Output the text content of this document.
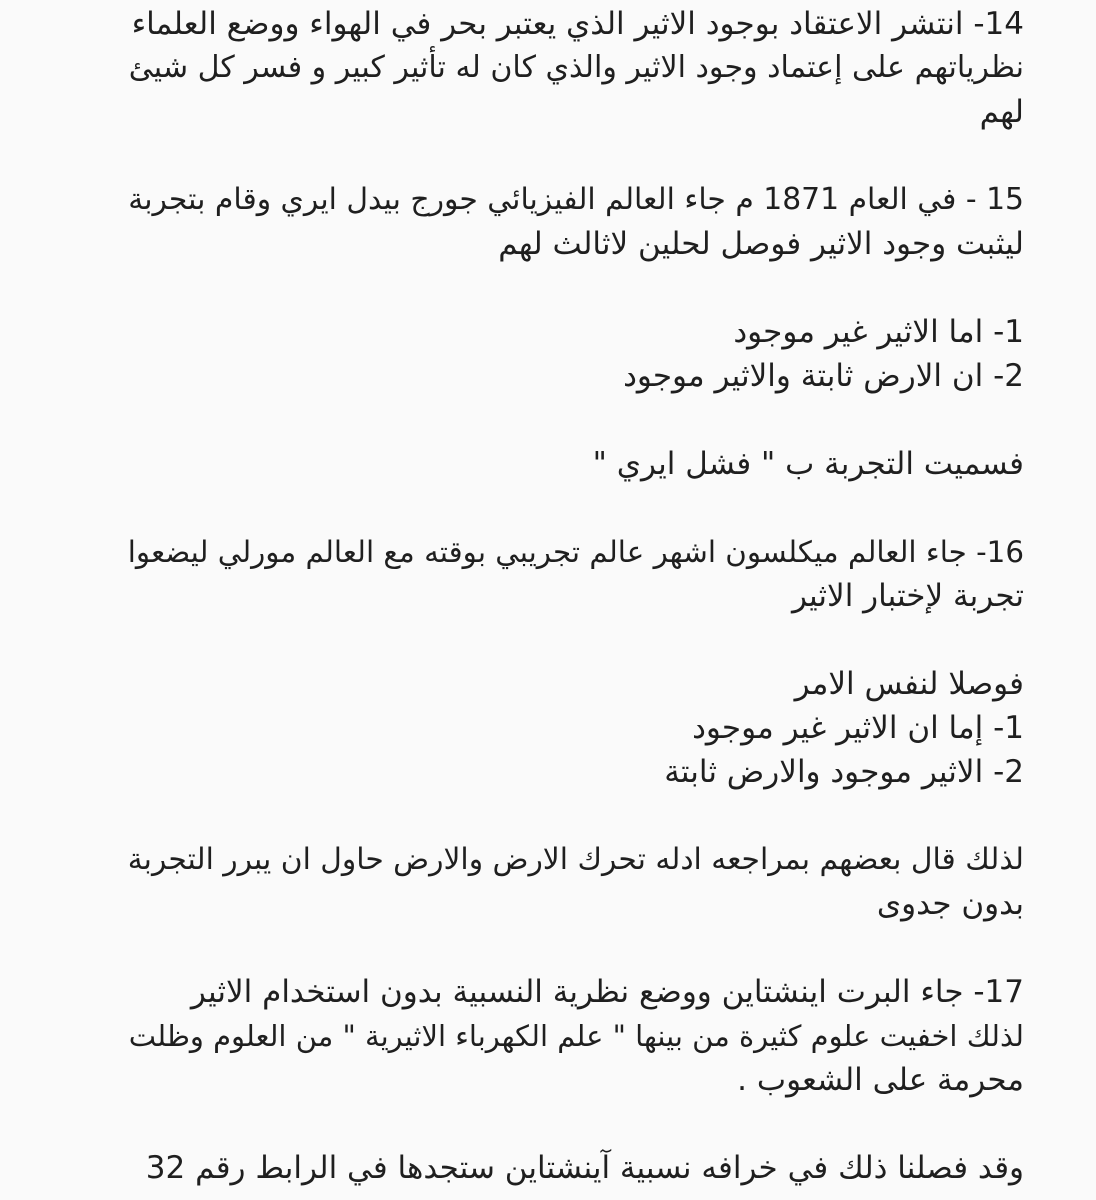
14- انتشر الاعتقاد بوجود الاثير الذي يعتبر بحر في الهواء ووضع العلماء
نظرياتهم على إعتماد وجود الاثير والذي كان له تأثير كبير و فسر كل شيئ
لهم

15 - في العام 1871 م جاء العالم الفيزيائي جورج بيدل ايري وقام بتجربة
ليثبت وجود الاثير فوصل لحلين لاثالث لهم

1- اما الاثير غير موجود
2- ان الارض ثابتة والاثير موجود

فسميت التجربة ب " فشل ايري "

16- جاء العالم ميكلسون اشهر عالم تجريبي بوقته مع العالم مورلي ليضعوا
تجربة لإختبار الاثير

فوصلا لنفس الامر
1- إما ان الاثير غير موجود
2- الاثير موجود والارض ثابتة

لذلك قال بعضهم بمراجعه ادله تحرك الارض والارض حاول ان يبرر التجربة
بدون جدوى

17- جاء البرت اينشتاين ووضع نظرية النسبية بدون استخدام الاثير
لذلك اخفيت علوم كثيرة من بينها " علم الكهرباء الاثيرية " من العلوم وظلت
محرمة على الشعوب .

وقد فصلنا ذلك في خرافه نسبية آينشتاين ستجدها في الرابط رقم 32
